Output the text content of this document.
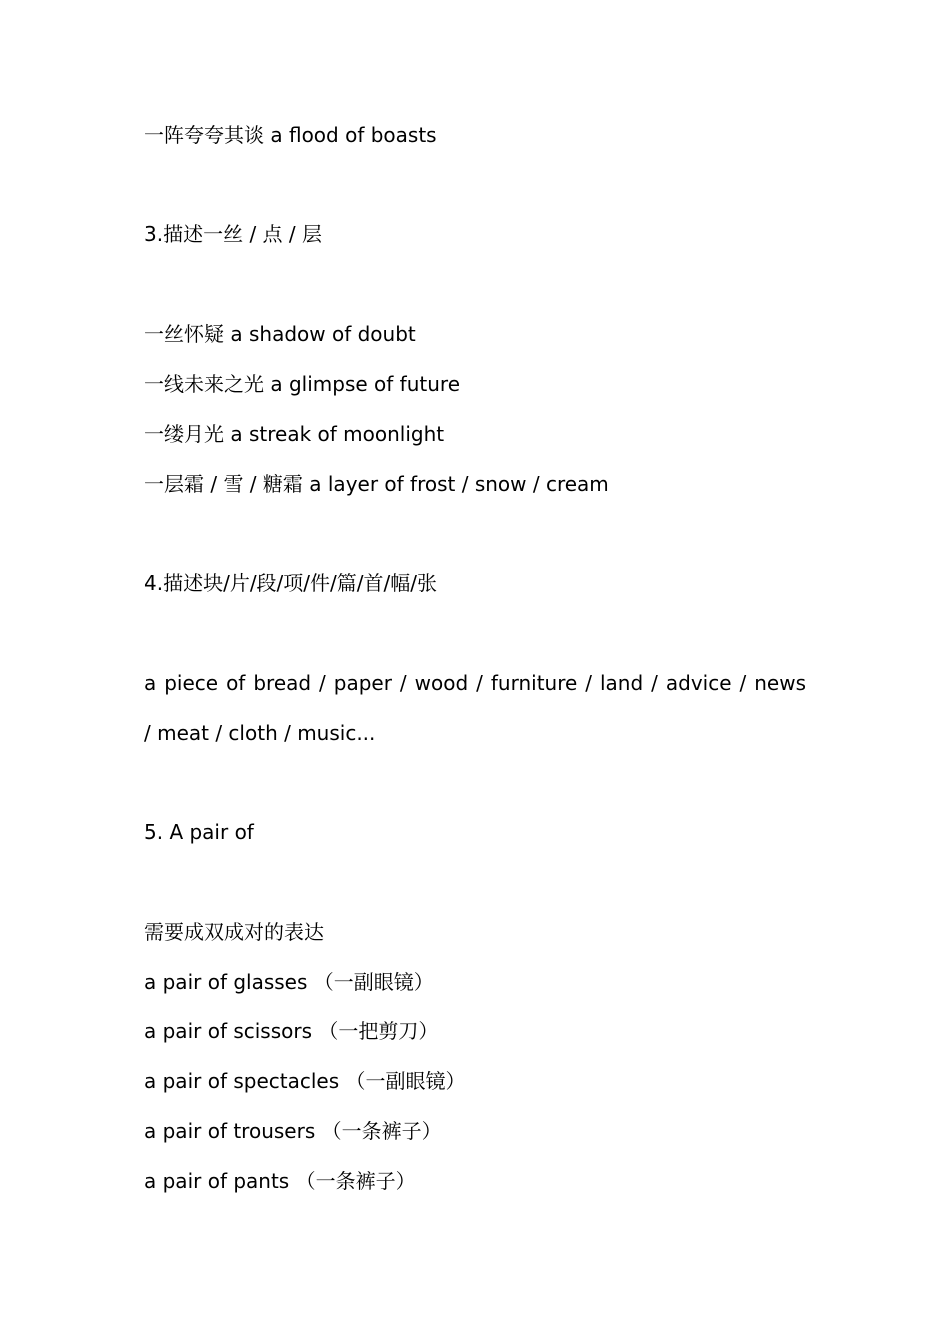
一阵夸夸其谈 a flood of boasts
3.描述一丝 / 点 / 层
一丝怀疑 a shadow of doubt
一线未来之光 a glimpse of future
一缕月光 a streak of moonlight
一层霜 / 雪 / 糖霜 a layer of frost / snow / cream
4.描述块/片/段/项/件/篇/首/幅/张
a piece of bread / paper / wood / furniture / land / advice / news
/ meat / cloth / music...
5. A pair of
需要成双成对的表达
a pair of glasses （一副眼镜）
a pair of scissors （一把剪刀）
a pair of spectacles （一副眼镜）
a pair of trousers （一条裤子）
a pair of pants （一条裤子）
